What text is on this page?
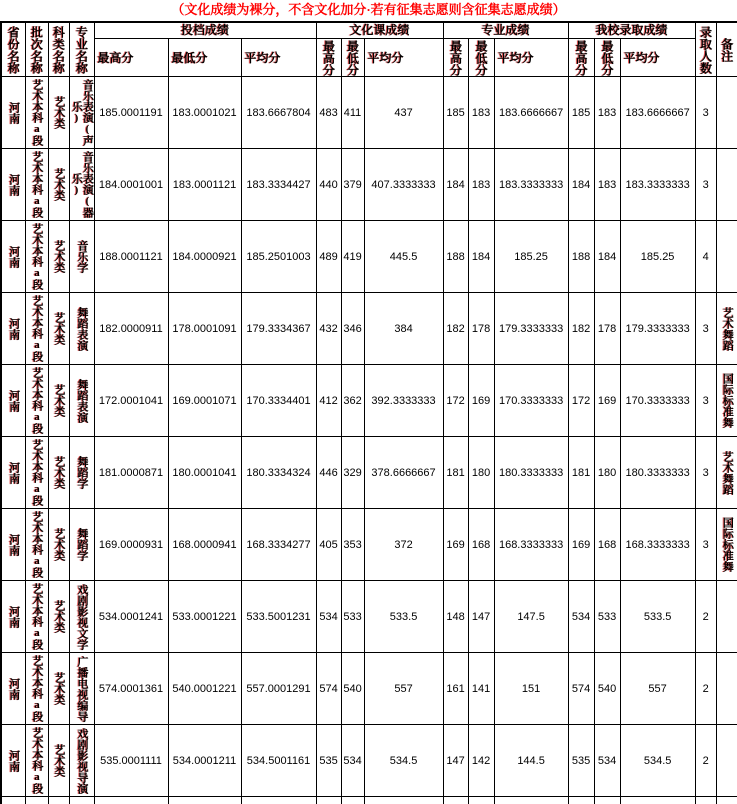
（文化成绩为裸分，不含文化加分·若有征集志愿则含征集志愿成绩）
省份名称	批次名称	科类名称	专业名称	投档成绩			文化课成绩			专业成绩			我校录取成绩			录取人数	备注

				最高分	最低分	平均分	最高分	最低分	平均分	最高分	最低分	平均分	最高分	最低分	平均分		

河南	艺术本科a段	艺术类	音乐表演(声乐)	185.0001191	183.0001021	183.6667804	483	411	437	185	183	183.6666667	185	183	183.6666667	3	

河南	艺术本科a段	艺术类	音乐表演(器乐)	184.0001001	183.0001121	183.3334427	440	379	407.3333333	184	183	183.3333333	184	183	183.3333333	3	

河南	艺术本科a段	艺术类	音乐学	188.0001121	184.0000921	185.2501003	489	419	445.5	188	184	185.25	188	184	185.25	4	

河南	艺术本科a段	艺术类	舞蹈表演	182.0000911	178.0001091	179.3334367	432	346	384	182	178	179.3333333	182	178	179.3333333	3	艺术舞蹈

河南	艺术本科a段	艺术类	舞蹈表演	172.0001041	169.0001071	170.3334401	412	362	392.3333333	172	169	170.3333333	172	169	170.3333333	3	国际标准舞

河南	艺术本科a段	艺术类	舞蹈学	181.0000871	180.0001041	180.3334324	446	329	378.6666667	181	180	180.3333333	181	180	180.3333333	3	艺术舞蹈

河南	艺术本科a段	艺术类	舞蹈学	169.0000931	168.0000941	168.3334277	405	353	372	169	168	168.3333333	169	168	168.3333333	3	国际标准舞

河南	艺术本科a段	艺术类	戏剧影视文学	534.0001241	533.0001221	533.5001231	534	533	533.5	148	147	147.5	534	533	533.5	2	

河南	艺术本科a段	艺术类	广播电视编导	574.0001361	540.0001221	557.0001291	574	540	557	161	141	151	574	540	557	2	

河南	艺术本科a段	艺术类	戏剧影视导演	535.0001111	534.0001211	534.5001161	535	534	534.5	147	142	144.5	535	534	534.5	2	
